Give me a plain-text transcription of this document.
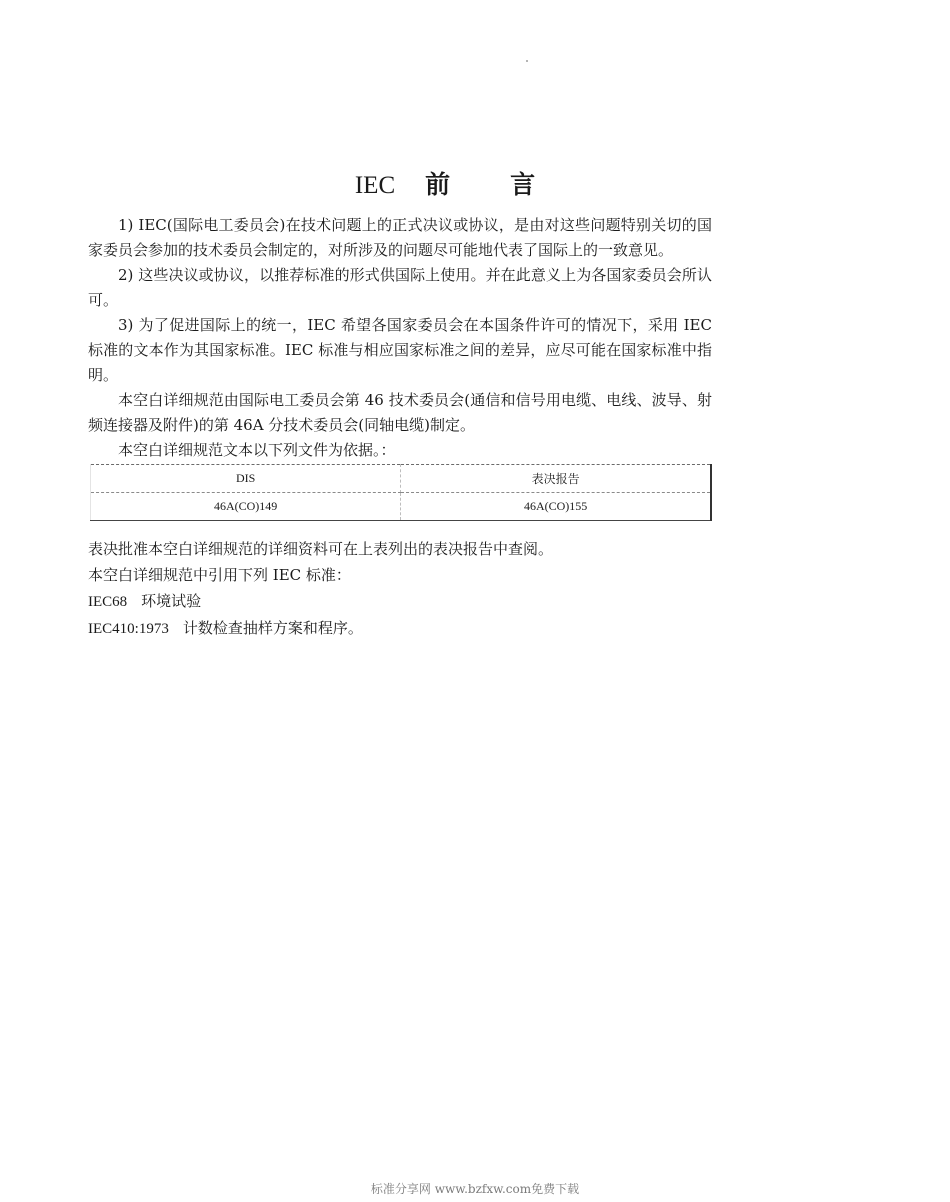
IEC 前言

1) IEC(国际电工委员会)在技术问题上的正式决议或协议，是由对这些问题特别关切的国家委员会参加的技术委员会制定的，对所涉及的问题尽可能地代表了国际上的一致意见。

2) 这些决议或协议，以推荐标准的形式供国际上使用。并在此意义上为各国家委员会所认可。

3) 为了促进国际上的统一，IEC 希望各国家委员会在本国条件许可的情况下，采用 IEC 标准的文本作为其国家标准。IEC 标准与相应国家标准之间的差异，应尽可能在国家标准中指明。

本空白详细规范由国际电工委员会第 46 技术委员会(通信和信号用电缆、电线、波导、射频连接器及附件)的第 46A 分技术委员会(同轴电缆)制定。

本空白详细规范文本以下列文件为依据。：

DIS	表决报告
46A(CO)149	46A(CO)155

表决批准本空白详细规范的详细资料可在上表列出的表决报告中查阅。

本空白详细规范中引用下列 IEC 标准：

IEC68 环境试验

IEC410:1973 计数检查抽样方案和程序。

标准分享网 www.bzfxw.com免费下载
